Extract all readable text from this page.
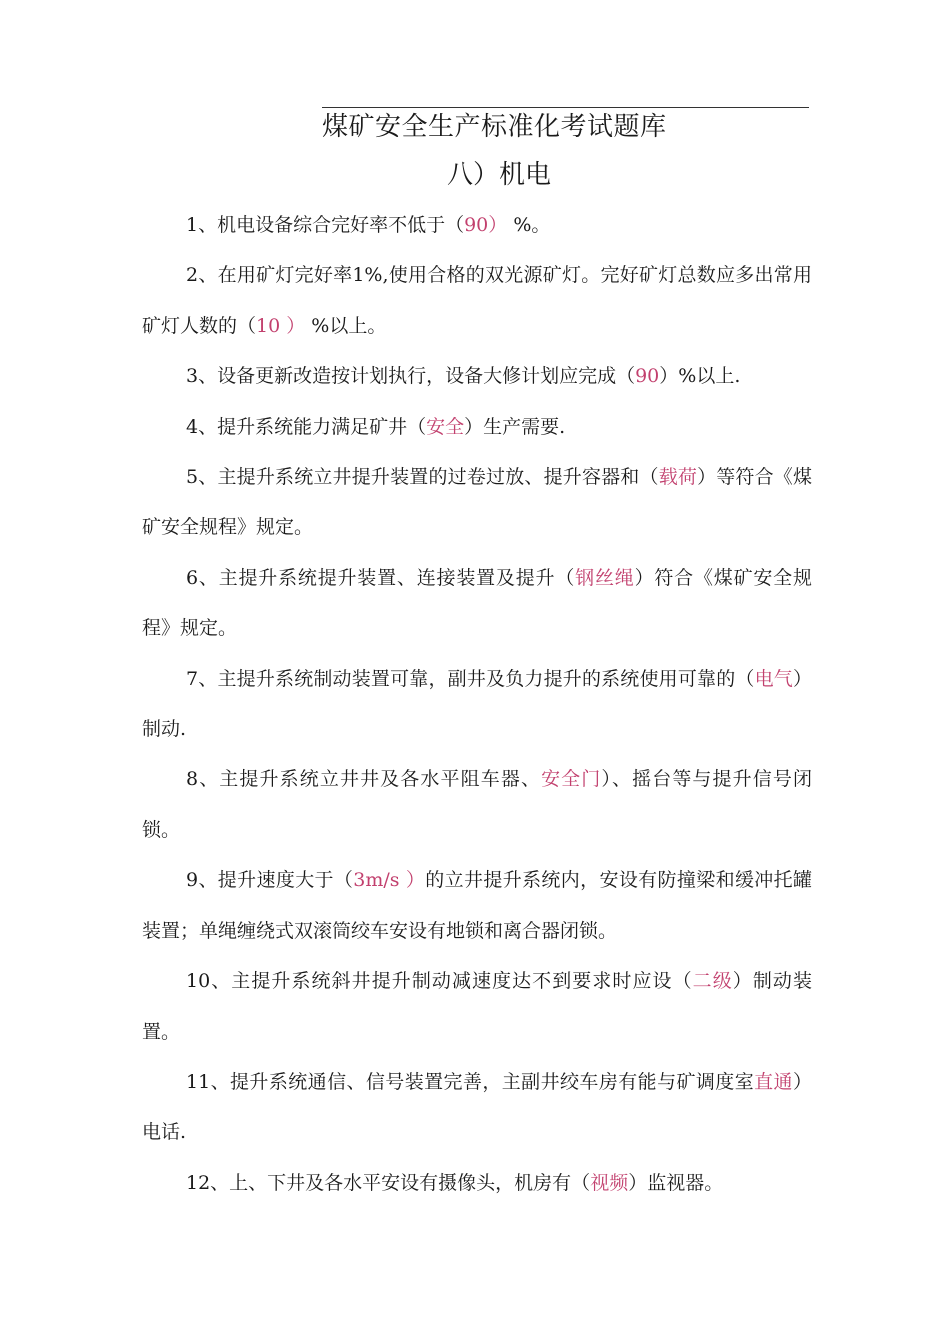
煤矿安全生产标准化考试题库
八）机电

1、机电设备综合完好率不低于（90） %。

2、在用矿灯完好率1%,使用合格的双光源矿灯。完好矿灯总数应多出常用矿灯人数的（10 ） %以上。

3、设备更新改造按计划执行，设备大修计划应完成（90）%以上.

4、提升系统能力满足矿井（安全）生产需要.

5、主提升系统立井提升装置的过卷过放、提升容器和（载荷）等符合《煤矿安全规程》规定。

6、主提升系统提升装置、连接装置及提升（钢丝绳）符合《煤矿安全规程》规定。

7、主提升系统制动装置可靠，副井及负力提升的系统使用可靠的（电气）制动.

8、主提升系统立井井及各水平阻车器、安全门）、摇台等与提升信号闭锁。

9、提升速度大于（3m/s ）的立井提升系统内，安设有防撞梁和缓冲托罐装置；单绳缠绕式双滚筒绞车安设有地锁和离合器闭锁。

10、主提升系统斜井提升制动减速度达不到要求时应设（二级）制动装置。

11、提升系统通信、信号装置完善，主副井绞车房有能与矿调度室直通）电话.

12、上、下井及各水平安设有摄像头，机房有（视频）监视器。
